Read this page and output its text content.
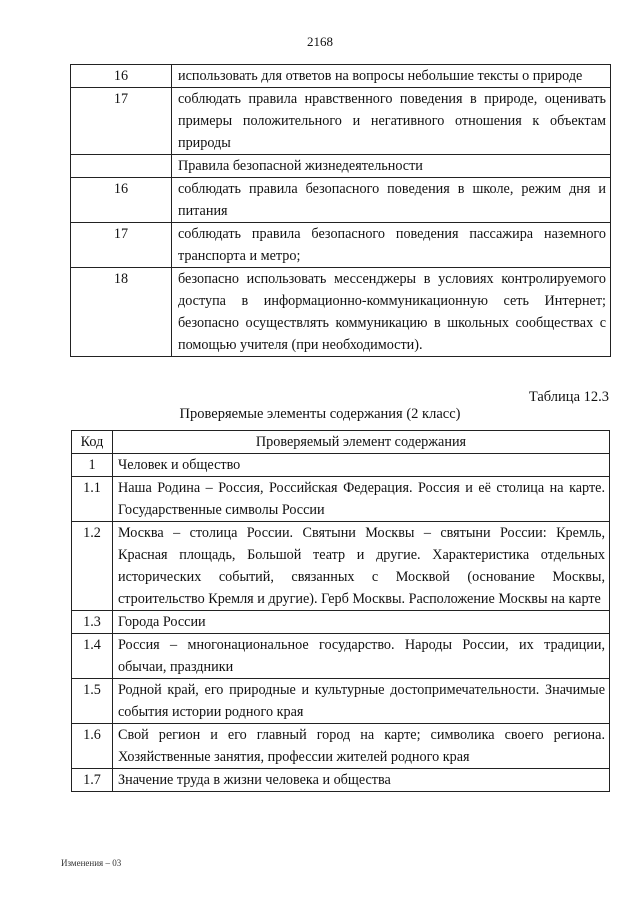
2168
16	использовать для ответов на вопросы небольшие тексты о природе
17	соблюдать правила нравственного поведения в природе, оценивать примеры положительного и негативного отношения к объектам природы
	Правила безопасной жизнедеятельности
16	соблюдать правила безопасного поведения в школе, режим дня и питания
17	соблюдать правила безопасного поведения пассажира наземного транспорта и метро;
18	безопасно использовать мессенджеры в условиях контролируемого доступа в информационно-коммуникационную сеть Интернет; безопасно осуществлять коммуникацию в школьных сообществах с помощью учителя (при необходимости).
Таблица 12.3
Проверяемые элементы содержания (2 класс)
Код	Проверяемый элемент содержания
1	Человек и общество
1.1	Наша Родина – Россия, Российская Федерация. Россия и её столица на карте. Государственные символы России
1.2	Москва – столица России. Святыни Москвы – святыни России: Кремль, Красная площадь, Большой театр и другие. Характеристика отдельных исторических событий, связанных с Москвой (основание Москвы, строительство Кремля и другие). Герб Москвы. Расположение Москвы на карте
1.3	Города России
1.4	Россия – многонациональное государство. Народы России, их традиции, обычаи, праздники
1.5	Родной край, его природные и культурные достопримечательности. Значимые события истории родного края
1.6	Свой регион и его главный город на карте; символика своего региона. Хозяйственные занятия, профессии жителей родного края
1.7	Значение труда в жизни человека и общества
Изменения – 03
